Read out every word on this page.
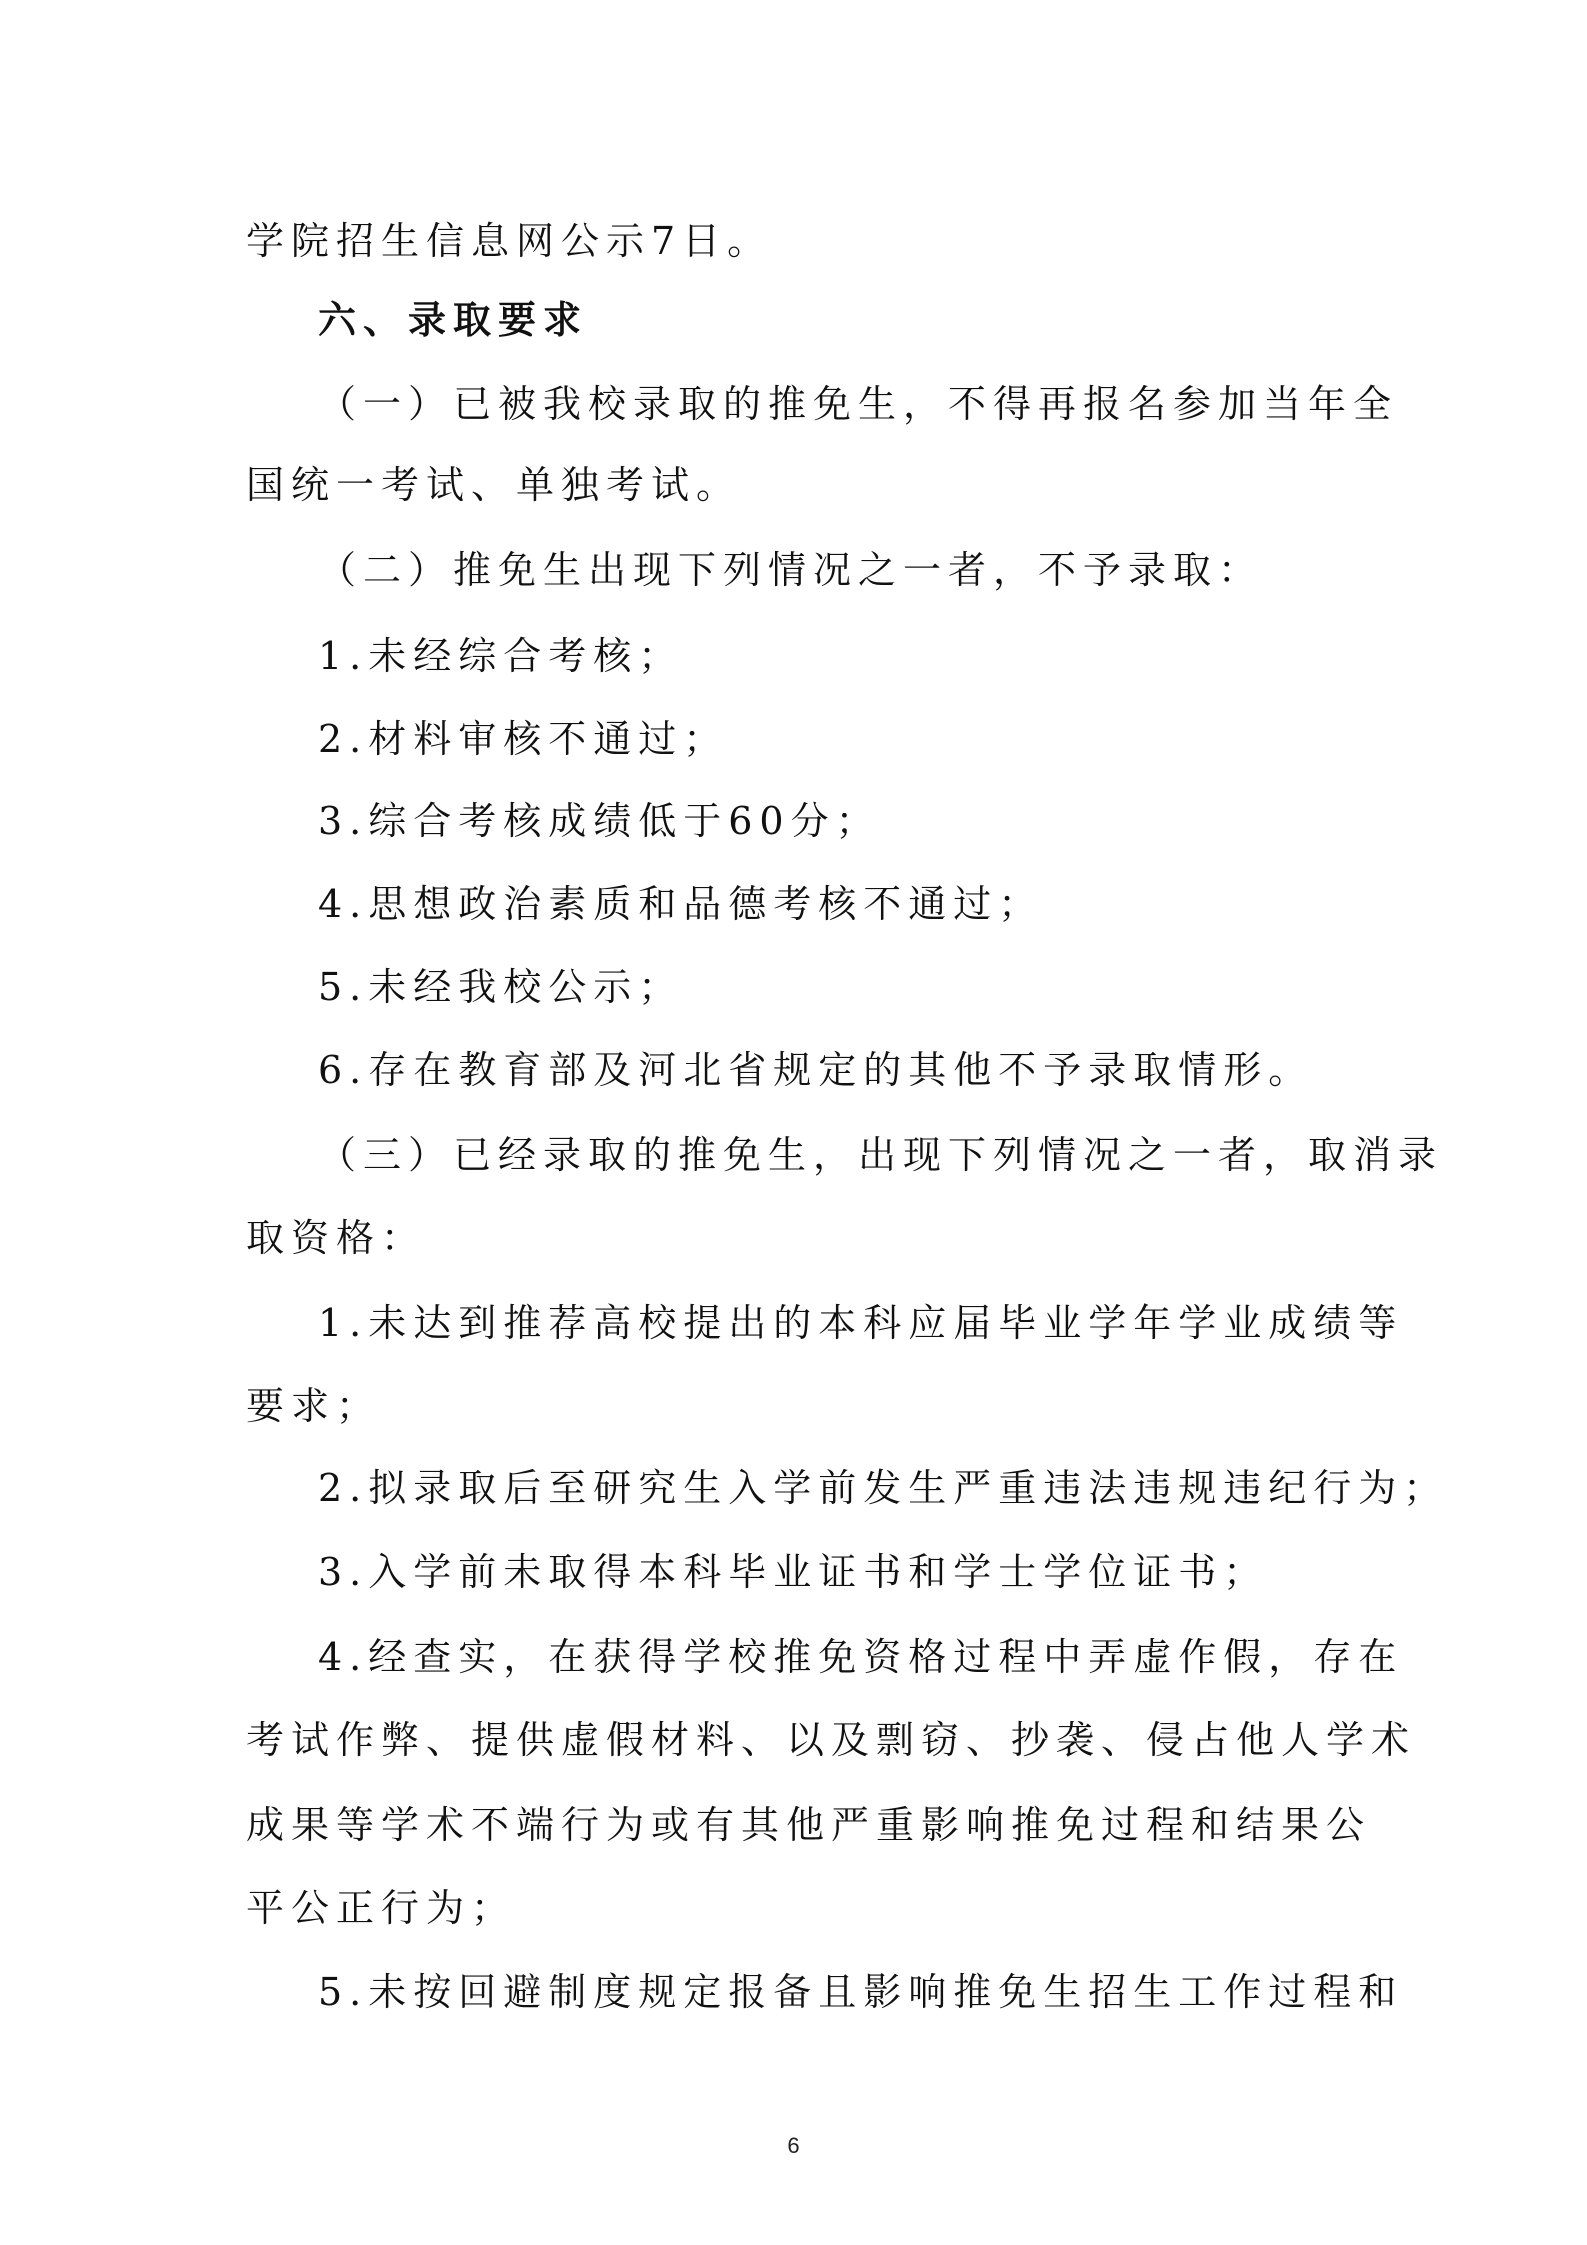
学院招生信息网公示7日。
六、录取要求
（一）已被我校录取的推免生，不得再报名参加当年全
国统一考试、单独考试。
（二）推免生出现下列情况之一者，不予录取：
1.未经综合考核；
2.材料审核不通过；
3.综合考核成绩低于60分；
4.思想政治素质和品德考核不通过；
5.未经我校公示；
6.存在教育部及河北省规定的其他不予录取情形。
（三）已经录取的推免生，出现下列情况之一者，取消录
取资格：
1.未达到推荐高校提出的本科应届毕业学年学业成绩等
要求；
2.拟录取后至研究生入学前发生严重违法违规违纪行为；
3.入学前未取得本科毕业证书和学士学位证书；
4.经查实，在获得学校推免资格过程中弄虚作假，存在
考试作弊、提供虚假材料、以及剽窃、抄袭、侵占他人学术
成果等学术不端行为或有其他严重影响推免过程和结果公
平公正行为；
5.未按回避制度规定报备且影响推免生招生工作过程和
6
